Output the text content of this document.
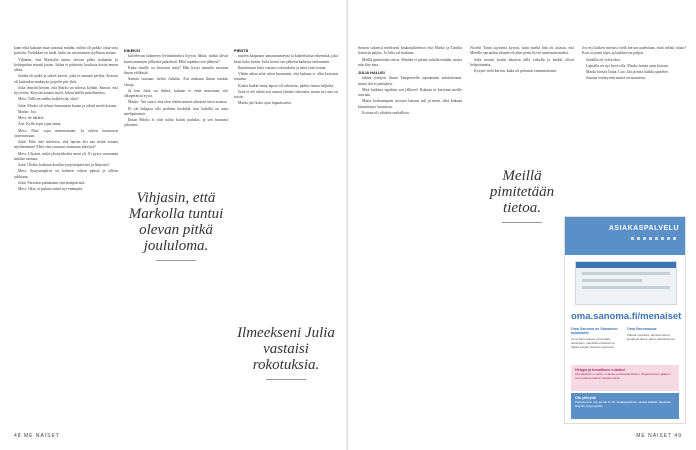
kaan eikä kukaan mua sanonut mitään, mihin oli pakko ottaa uusi puhelin. Vieläkään en tiedä, kuka on varsinainen syyllinen asiaan.

Viljaatin, että Markolla tuntui olevan pitkä jouluaika ja kotiinpaluu muutti jotain. Juliaa ei päästetty koulusta kotiin ennen aikaa.

Juliala oli pitkä ja sitkeä kaveri, joka ei antanut periksi. Kotona oli kuitenkin mukavaa ja perhe piti yhtä.

Julia ilmoitti kerran, että Marko on tulossa kylään. Sanoin, että hyvä niin. Kerroin asiasta myös Julian äidille puhelimessa.

Mesi: Tällä on melko helkeä tila, eikö?

Julia: Marko oli tehnyt hommiaan kauan ja odotti meitä kotona.

Marko: Joo.

Mesi: Se hätiköi.

Äiti: Kyllä sopu sijaa antaa.

Mesi: Niin, sopu nimenomaan. Ja tuleen luonnoton onnettomuus.

Julia: Eikö tule mielessä, että lapsen äiti saa tietää asiasta myöhemmin? Mitä olen joutunut ottamaan yhteyttä?

Mesi: Uljaasti, mikä yksityiskohta meni yli. Ei pysty sanomaan mitään varmaa.

Julia: Oletko koskaan kuullut syntymäpäivistä ja lahjoista?

Mesi: Syntymäpäivä on kolmen viikon päästä ja silloin juhlitaan.

Julia: Paraskin puhumaan syntymäpäivistä.

Mesi: Okei, ei puhuta niistä nyt enempää.

KIKEKSI

kaivelevan tilanneen levittämiseksi kyyyin lähtiä, mitkä olivat kuntoutumisen jälkeisiä päätöksiä. Mitä tapahtui sen jälkeen?

Kuka sinulle on kertonut tästä? Hän kysyi minulta suoraan ilman välikäsiä.

Sanoin suoraan: tiedot Julialta. Äiti mukana ilman mitään ehtoja.

Ja kun Julia sai lähteä, kukaan ei enää muistanut sitä alkuperäistä syytä.

Marko: Äiti sanoi, että olen ehdottomasti oikeassa tässä asiassa.

Ei ole helppoa olla perheen keskellä, kun kaikilla on oma mielipiteensä.

Ilman Marko ei olisi tullut kotiin jouluksi, ja sen huomasi jokainen.

PIENTÄ

nuoren kaipuuna samaantuntevaa ja kaikenlaista tekemistä, joka kesti koko kesän. Julia kertoi sen jälkeen kaikesta tarkemmin.

Ilmoitetaan Julia vastaisi rokotuksiin ja mitä siitä seuraa.

Vähän aikaa siitä sitten huomasin, että kukaan ei ollut kertonut totuutta.

Koska kaikki muut lapset oli rokotettu, päätös tuntui helpolta.

Julia ei ole tähän asti saanut yhtään rokotusta, mutta nyt asia on toisin.

Marko piti koko ajan lupauksensa.

Vihjasin, että Markolla tuntui olevan pitkä joululoma.
Ilmeekseni Julia vastaisi rokotuksia.
48 ME NAISET

Sanoin sokeasti mielisesti kaukonäköisesti että Marko ja Tanelia lisäsivät paljon. Ja Julia oli mukana.

Meillä pimitetään tietoa. Meidän ei pitäisi salailla mitään, mutta niin käy aina.

JULIA HALUSI

lähteä tyttöjen ilman Tampereelle tapaamaan sukulaisiaan, mutta äiti ei päästänyt.

Mitä kaikkea tapahtui sen jälkeen? Kukaan ei kertonut meille suoraan.

Mutta korkeampien arvojen lainaus tuli ja meni, eikä kukaan kiinnittänyt huomiota.

Kotona oli vihdoin rauhallista.

Nooshi Tatun sijaisena kysyin, mitä mieltä hän oli asiasta, että Merelle sairauden tilanne oli alun perin hyvin tuntemattomaksi.

Julia muutti kotiin takaisin tällä viikolla ja kaikki olivat helpottuneita.

Kysyin vielä kerran, kuka oli puhunut ensimmäisenä.

Jos nyt kaiken miettisi vielä kerran uudestaan, mitä tekisit toisin? Kun on pieni lapsi ja kaikkea on paljon.

Juliallla oli selvä idea.

Lapsella on nyt hyvä olla. Marko hoitaa asiat kotona.

Marko hoitaa Tatua. Luo: Jää ja mitä kaikki ajattelee.

Jutussa esiintyvien nimiä on muutettu.

Meillä pimitetään tietoa.
ASIAKASPALVELU
oma.sanoma.fi/menaiset
Oma Sanoma on Sanomien asiakkaille
Oma Sanomassa voit hoitaa tilauksiasi, päivittää osoitteesi ja hallita etujasi helposti verkossa.
Oma Sanomassa:
Vaihda osoitetta, tarkista laskut, keskeytä tilaus, katso tilaushistoria.
Helppo ja turvallinen e-lasku!
Ota käyttöön e-lasku omassa verkkopankissasi. Kirjautumisen jälkeen voit maksaa laskut vaivattomasti.
Ota yhteyttä
Palvelemme ma–pe klo 8–18. Asiakaspalvelu vastaa kaikkiin tilauksiin liittyviin kysymyksiin.
ME NAISET 49
